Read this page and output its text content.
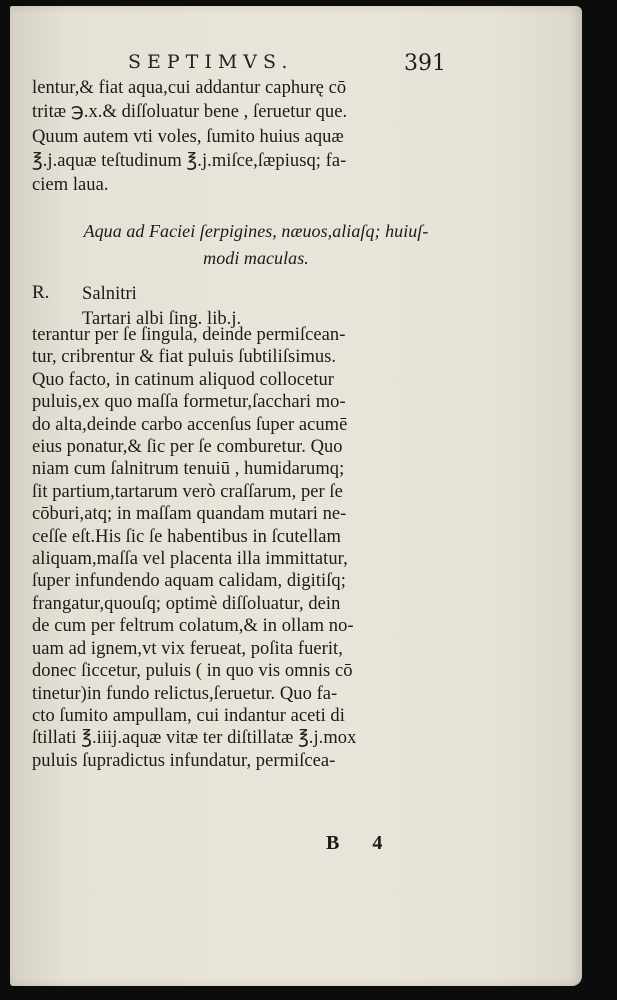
SEPTIMVS.	391
lentur,& fiat aqua,cui addantur caphurę cō
tritæ ℈.x.& diſſoluatur bene , ſeruetur que.
Quum autem vti voles, ſumito huius aquæ
℥.j.aquæ teſtudinum ℥.j.miſce,ſæpiusq; fa-
ciem laua.
Aqua ad Faciei ſerpigines, næuos,aliaſq; huiuſ-
modi maculas.
R. Salnitri
Tartari albi ſing. lib.j.
terantur per ſe ſingula, deinde permiſcean-
tur, cribrentur & fiat puluis ſubtiliſsimus.
Quo facto, in catinum aliquod collocetur
puluis,ex quo maſſa formetur,ſacchari mo-
do alta,deinde carbo accenſus ſuper acumē
eius ponatur,& ſic per ſe comburetur. Quo
niam cum ſalnitrum tenuiū , humidarumq;
ſit partium,tartarum verò craſſarum, per ſe
cōburi,atq; in maſſam quandam mutari ne-
ceſſe eſt.His ſic ſe habentibus in ſcutellam
aliquam,maſſa vel placenta illa immittatur,
ſuper infundendo aquam calidam, digitiſq;
frangatur,quouſq; optimè diſſoluatur, dein
de cum per feltrum colatum,& in ollam no-
uam ad ignem,vt vix ferueat, poſita fuerit,
donec ſiccetur, puluis ( in quo vis omnis cō
tinetur)in fundo relictus,ſeruetur. Quo fa-
cto ſumito ampullam, cui indantur aceti di
ſtillati ℥.iiij.aquæ vitæ ter diſtillatæ ℥.j.mox
puluis ſupradictus infundatur, permiſcea-
B 4
